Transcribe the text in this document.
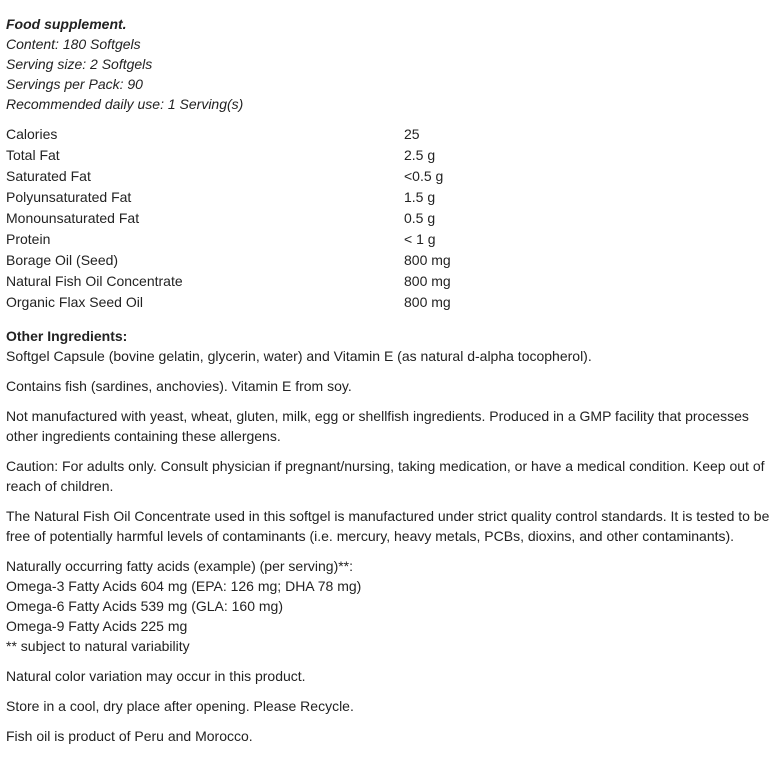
Food supplement.
Content: 180 Softgels
Serving size: 2 Softgels
Servings per Pack: 90
Recommended daily use: 1 Serving(s)
Calories	25
Total Fat	2.5 g
Saturated Fat	<0.5 g
Polyunsaturated Fat	1.5 g
Monounsaturated Fat	0.5 g
Protein	< 1 g
Borage Oil (Seed)	800 mg
Natural Fish Oil Concentrate	800 mg
Organic Flax Seed Oil	800 mg
Other Ingredients:
Softgel Capsule (bovine gelatin, glycerin, water) and Vitamin E (as natural d-alpha tocopherol).
Contains fish (sardines, anchovies). Vitamin E from soy.
Not manufactured with yeast, wheat, gluten, milk, egg or shellfish ingredients. Produced in a GMP facility that processes
other ingredients containing these allergens.
Caution: For adults only. Consult physician if pregnant/nursing, taking medication, or have a medical condition. Keep out of
reach of children.
The Natural Fish Oil Concentrate used in this softgel is manufactured under strict quality control standards. It is tested to be
free of potentially harmful levels of contaminants (i.e. mercury, heavy metals, PCBs, dioxins, and other contaminants).
Naturally occurring fatty acids (example) (per serving)**:
Omega-3 Fatty Acids 604 mg (EPA: 126 mg; DHA 78 mg)
Omega-6 Fatty Acids 539 mg (GLA: 160 mg)
Omega-9 Fatty Acids 225 mg
** subject to natural variability
Natural color variation may occur in this product.
Store in a cool, dry place after opening. Please Recycle.
Fish oil is product of Peru and Morocco.
